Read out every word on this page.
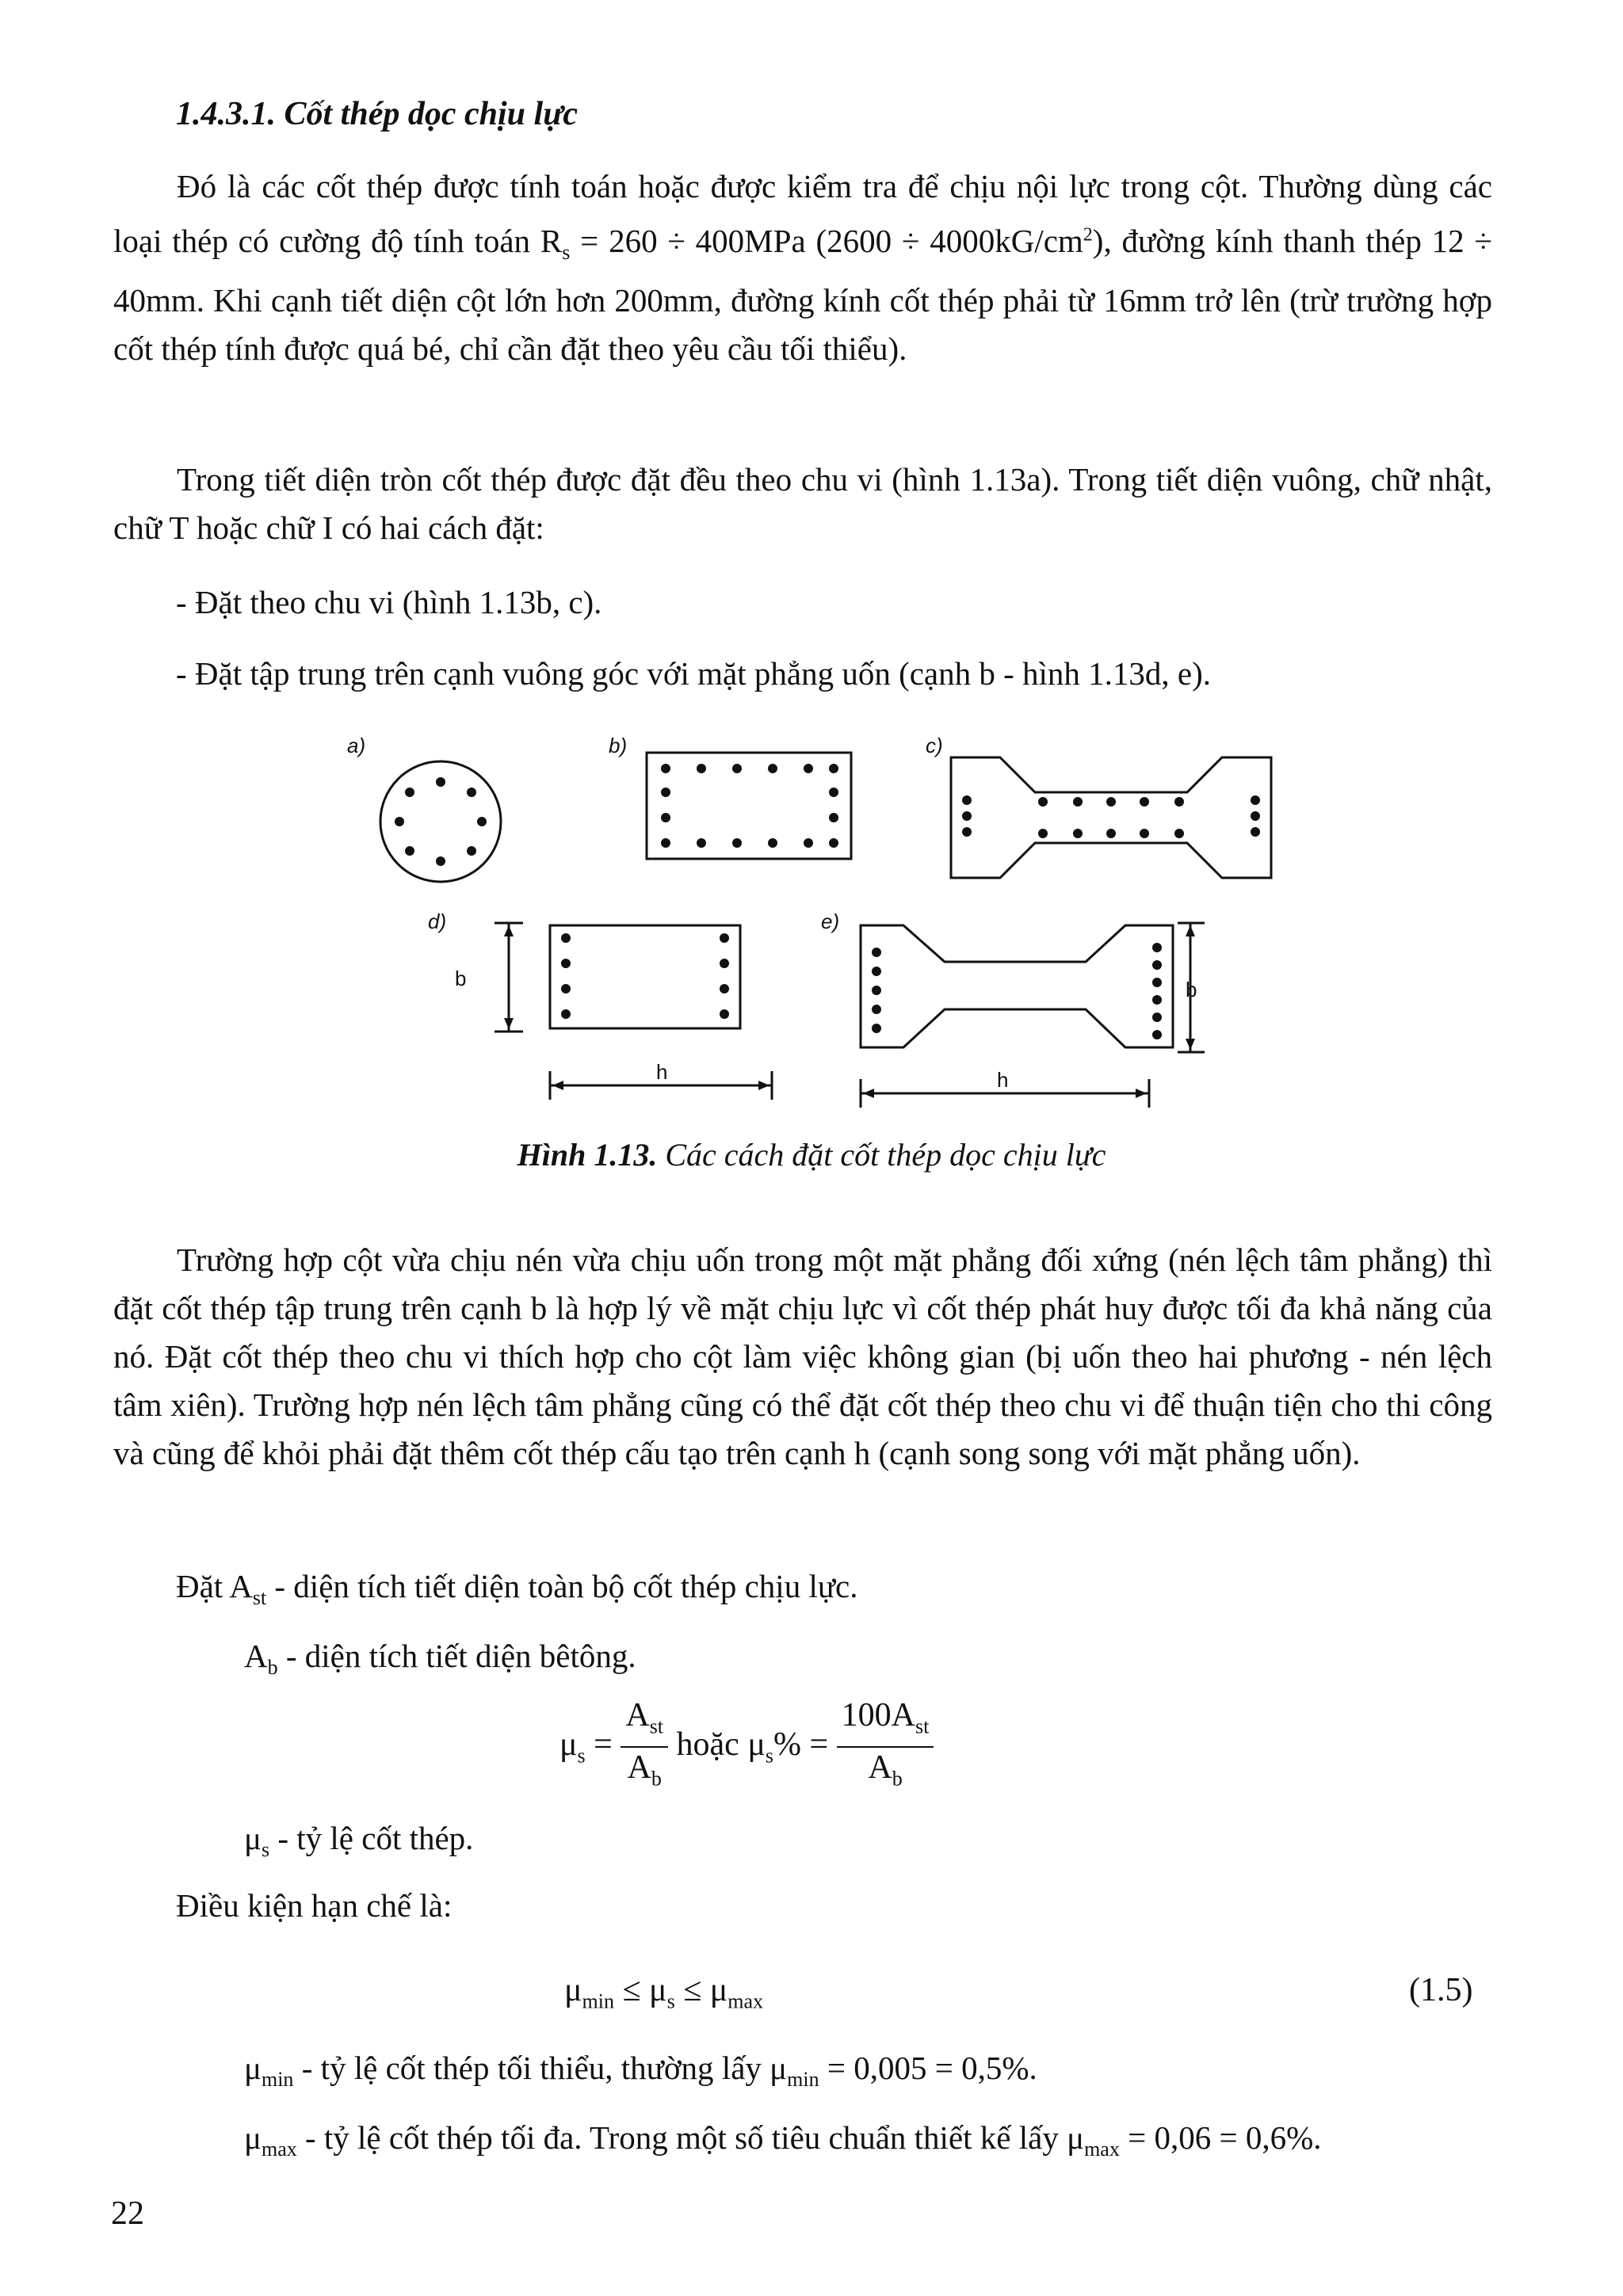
1.4.3.1. Cốt thép dọc chịu lực
Đó là các cốt thép được tính toán hoặc được kiểm tra để chịu nội lực trong cột. Thường dùng các loại thép có cường độ tính toán $R_s = 260 \div 400MPa$ $(2600 \div 4000kG/cm^2)$, đường kính thanh thép 12 ÷ 40mm. Khi cạnh tiết diện cột lớn hơn 200mm, đường kính cốt thép phải từ 16mm trở lên (trừ trường hợp cốt thép tính được quá bé, chỉ cần đặt theo yêu cầu tối thiểu).
Trong tiết diện tròn cốt thép được đặt đều theo chu vi (hình 1.13a). Trong tiết diện vuông, chữ nhật, chữ T hoặc chữ I có hai cách đặt:
- Đặt theo chu vi (hình 1.13b, c).
- Đặt tập trung trên cạnh vuông góc với mặt phẳng uốn (cạnh b - hình 1.13d, e).
a)	b)	c)
d)	e)
b
h
b
h
Hình 1.13. Các cách đặt cốt thép dọc chịu lực
Trường hợp cột vừa chịu nén vừa chịu uốn trong một mặt phẳng đối xứng (nén lệch tâm phẳng) thì đặt cốt thép tập trung trên cạnh b là hợp lý về mặt chịu lực vì cốt thép phát huy được tối đa khả năng của nó. Đặt cốt thép theo chu vi thích hợp cho cột làm việc không gian (bị uốn theo hai phương - nén lệch tâm xiên). Trường hợp nén lệch tâm phẳng cũng có thể đặt cốt thép theo chu vi để thuận tiện cho thi công và cũng để khỏi phải đặt thêm cốt thép cấu tạo trên cạnh h (cạnh song song với mặt phẳng uốn).
Đặt $A_{st}$ - diện tích tiết diện toàn bộ cốt thép chịu lực.
$A_b$ - diện tích tiết diện bêtông.
$\mu_s = \frac{A_{st}}{A_b}$ hoặc $\mu_s\% = \frac{100A_{st}}{A_b}$
$\mu_s$ - tỷ lệ cốt thép.
Điều kiện hạn chế là:
$\mu_{min} \le \mu_s \le \mu_{max}$	(1.5)
$\mu_{min}$ - tỷ lệ cốt thép tối thiểu, thường lấy $\mu_{min} = 0,005 = 0,5\%$.
$\mu_{max}$ - tỷ lệ cốt thép tối đa. Trong một số tiêu chuẩn thiết kế lấy $\mu_{max} = 0,06 = 0,6\%$.
22
